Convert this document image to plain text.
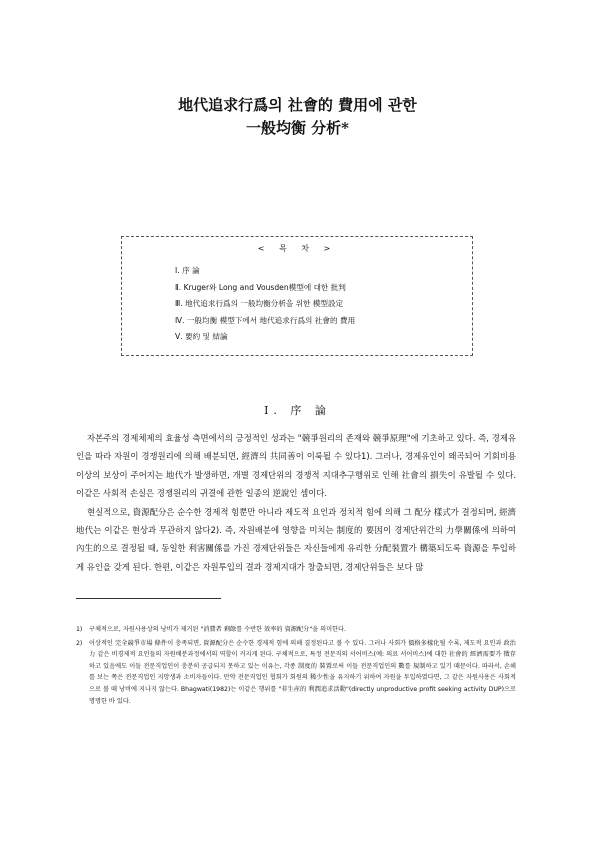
地代追求行爲의 社會的 費用에 관한
一般均衡 分析*
< 목 차 >
Ⅰ. 序 論
Ⅱ. Kruger와 Long and Vousden模型에 대한 批判
Ⅲ. 地代追求行爲의 一般均衡分析을 위한 模型設定
Ⅳ. 一般均衡 模型下에서 地代追求行爲의 社會的 費用
Ⅴ. 要約 및 結論
Ⅰ. 序 論

자본주의 경제체제의 효율성 측면에서의 긍정적인 성과는 "競爭원리의 존재와 競爭原理"에 기초하고 있다. 즉, 경제유인을 따라 자원이 경쟁원리에 의해 배분되면, 經濟의 共同善이 이룩될 수 있다1). 그러나, 경제유인이 왜곡되어 기회비용 이상의 보상이 주어지는 地代가 발생하면, 개별 경제단위의 경쟁적 지대추구행위로 인해 社會의 損失이 유발될 수 있다. 이같은 사회적 손실은 경쟁원리의 귀결에 관한 일종의 逆說인 셈이다.

현실적으로, 資源配分은 순수한 경제적 힘뿐만 아니라 제도적 요인과 정치적 힘에 의해 그 配分 樣式가 결정되며, 經濟地代는 이같은 현상과 무관하지 않다2). 즉, 자원배분에 영향을 미치는 制度的 要因이 경제단위간의 力學關係에 의하여 內生的으로 결정될 때, 동일한 利害關係를 가진 경제단위들은 자신들에게 유리한 分配裝置가 構築되도록 資源을 투입하게 유인을 갖게 된다. 한편, 이같은 자원투입의 결과 경제지대가 창출되면, 경제단위들은 보다 많

1) 구체적으로, 자원사용상의 낭비가 제거된 "消費者 剩餘를 수반한 效率的 資源配分"을 의미한다.
2) 이상적인 完全競爭市場 條件이 충족되면, 資源配分은 순수한 경제적 힘에 의해 결정된다고 볼 수 있다. 그러나 사회가 價格多樣化될 수록, 제도적 요인과 政治力 같은 비경제적 요인들의 자원배분과정에서의 역할이 커지게 된다. 구체적으로, 특정 전문직의 서어비스(예: 의료 서어비스)에 대한 社會的 經濟需要가 徵存하고 있음에도 이들 전문직업인이 충분히 공급되지 못하고 있는 이유는, 각종 制度的 裝置로써 이들 전문직업인의 數를 規制하고 있기 때문이다. 따라서, 손해를 보는 쪽은 전문직업인 지망생과 소비자들이다. 만약 전문직업인 협회가 회원의 稀少性을 유지하기 위하여 자원을 투입하였다면, 그 같은 자원사용은 사회적으로 볼 때 낭비에 지나지 않는다. Bhagwati(1982)는 이같은 행위를 "非生産的 利潤追求活動"(directly unproductive profit seeking activity DUP)으로 명명한 바 있다.
